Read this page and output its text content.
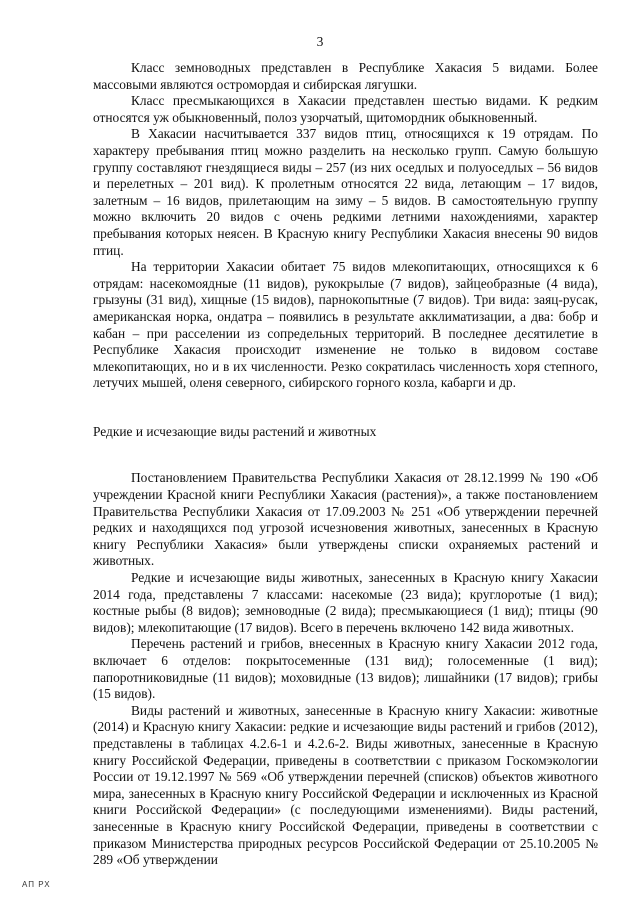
3

Класс земноводных представлен в Республике Хакасия 5 видами. Более массовыми являются остромордая и сибирская лягушки.

Класс пресмыкающихся в Хакасии представлен шестью видами. К редким относятся уж обыкновенный, полоз узорчатый, щитомордник обыкновенный.

В Хакасии насчитывается 337 видов птиц, относящихся к 19 отрядам. По характеру пребывания птиц можно разделить на несколько групп. Самую большую группу составляют гнездящиеся виды – 257 (из них оседлых и полуоседлых – 56 видов и перелетных – 201 вид). К пролетным относятся 22 вида, летающим – 17 видов, залетным – 16 видов, прилетающим на зиму – 5 видов. В самостоятельную группу можно включить 20 видов с очень редкими летними нахождениями, характер пребывания которых неясен. В Красную книгу Республики Хакасия внесены 90 видов птиц.

На территории Хакасии обитает 75 видов млекопитающих, относящихся к 6 отрядам: насекомоядные (11 видов), рукокрылые (7 видов), зайцеобразные (4 вида), грызуны (31 вид), хищные (15 видов), парнокопытные (7 видов). Три вида: заяц-русак, американская норка, ондатра – появились в результате акклиматизации, а два: бобр и кабан – при расселении из сопредельных территорий. В последнее десятилетие в Республике Хакасия происходит изменение не только в видовом составе млекопитающих, но и в их численности. Резко сократилась численность хоря степного, летучих мышей, оленя северного, сибирского горного козла, кабарги и др.

Редкие и исчезающие виды растений и животных

Постановлением Правительства Республики Хакасия от 28.12.1999 № 190 «Об учреждении Красной книги Республики Хакасия (растения)», а также постановлением Правительства Республики Хакасия от 17.09.2003 № 251 «Об утверждении перечней редких и находящихся под угрозой исчезновения животных, занесенных в Красную книгу Республики Хакасия» были утверждены списки охраняемых растений и животных.

Редкие и исчезающие виды животных, занесенных в Красную книгу Хакасии 2014 года, представлены 7 классами: насекомые (23 вида); круглоротые (1 вид); костные рыбы (8 видов); земноводные (2 вида); пресмыкающиеся (1 вид); птицы (90 видов); млекопитающие (17 видов). Всего в перечень включено 142 вида животных.

Перечень растений и грибов, внесенных в Красную книгу Хакасии 2012 года, включает 6 отделов: покрытосеменные (131 вид); голосеменные (1 вид); папоротниковидные (11 видов); моховидные (13 видов); лишайники (17 видов); грибы (15 видов).

Виды растений и животных, занесенные в Красную книгу Хакасии: животные (2014) и Красную книгу Хакасии: редкие и исчезающие виды растений и грибов (2012), представлены в таблицах 4.2.6-1 и 4.2.6-2. Виды животных, занесенные в Красную книгу Российской Федерации, приведены в соответствии с приказом Госкомэкологии России от 19.12.1997 № 569 «Об утверждении перечней (списков) объектов животного мира, занесенных в Красную книгу Российской Федерации и исключенных из Красной книги Российской Федерации» (с последующими изменениями). Виды растений, занесенные в Красную книгу Российской Федерации, приведены в соответствии с приказом Министерства природных ресурсов Российской Федерации от 25.10.2005 № 289 «Об утверждении

АП РХ
